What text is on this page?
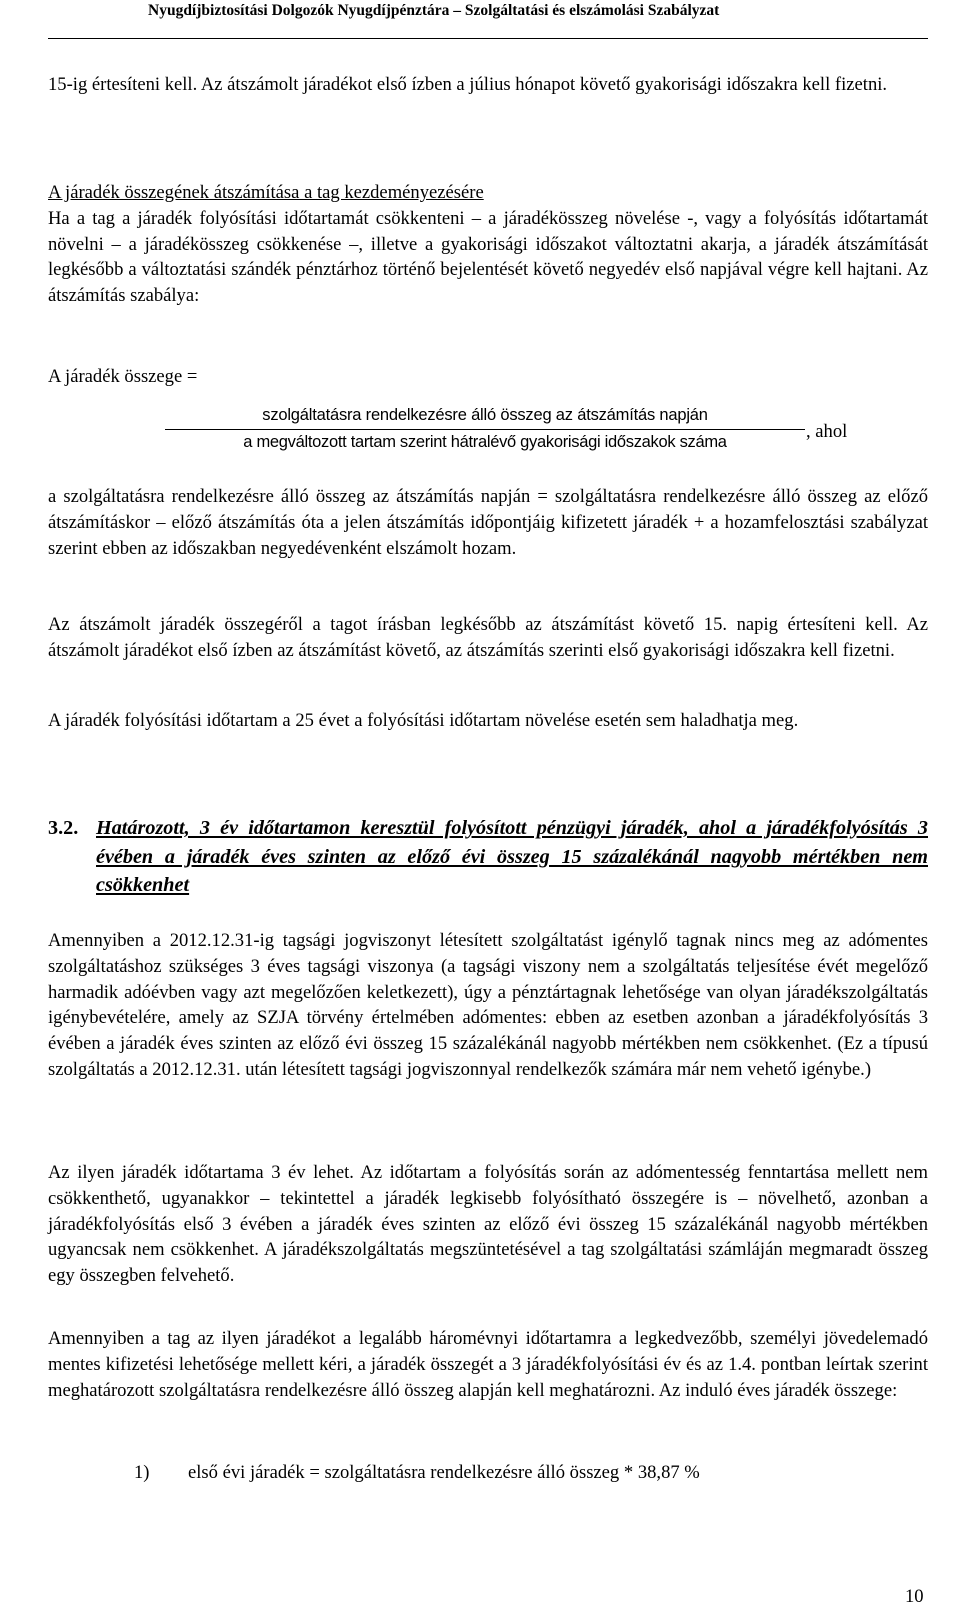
Nyugdíjbiztosítási Dolgozók Nyugdíjpénztára – Szolgáltatási és elszámolási Szabályzat

15-ig értesíteni kell. Az átszámolt járadékot első ízben a július hónapot követő gyakorisági időszakra kell fizetni.

A járadék összegének átszámítása a tag kezdeményezésére
Ha a tag a járadék folyósítási időtartamát csökkenteni – a járadékösszeg növelése -, vagy a folyósítás időtartamát növelni – a járadékösszeg csökkenése –, illetve a gyakorisági időszakot változtatni akarja, a járadék átszámítását legkésőbb a változtatási szándék pénztárhoz történő bejelentését követő negyedév első napjával végre kell hajtani. Az átszámítás szabálya:
A járadék összege =
szolgáltatásra rendelkezésre álló összeg az átszámítás napján
a megváltozott tartam szerint hátralévő gyakorisági időszakok száma	, ahol

a szolgáltatásra rendelkezésre álló összeg az átszámítás napján = szolgáltatásra rendelkezésre álló összeg az előző átszámításkor – előző átszámítás óta a jelen átszámítás időpontjáig kifizetett járadék + a hozamfelosztási szabályzat szerint ebben az időszakban negyedévenként elszámolt hozam.

Az átszámolt járadék összegéről a tagot írásban legkésőbb az átszámítást követő 15. napig értesíteni kell. Az átszámolt járadékot első ízben az átszámítást követő, az átszámítás szerinti első gyakorisági időszakra kell fizetni.

A járadék folyósítási időtartam a 25 évet a folyósítási időtartam növelése esetén sem haladhatja meg.

3.2. Határozott, 3 év időtartamon keresztül folyósított pénzügyi járadék, ahol a járadékfolyósítás 3 évében a járadék éves szinten az előző évi összeg 15 százalékánál nagyobb mértékben nem csökkenhet

Amennyiben a 2012.12.31-ig tagsági jogviszonyt létesített szolgáltatást igénylő tagnak nincs meg az adómentes szolgáltatáshoz szükséges 3 éves tagsági viszonya (a tagsági viszony nem a szolgáltatás teljesítése évét megelőző harmadik adóévben vagy azt megelőzően keletkezett), úgy a pénztártagnak lehetősége van olyan járadékszolgáltatás igénybevételére, amely az SZJA törvény értelmében adómentes: ebben az esetben azonban a járadékfolyósítás 3 évében a járadék éves szinten az előző évi összeg 15 százalékánál nagyobb mértékben nem csökkenhet. (Ez a típusú szolgáltatás a 2012.12.31. után létesített tagsági jogviszonnyal rendelkezők számára már nem vehető igénybe.)

Az ilyen járadék időtartama 3 év lehet. Az időtartam a folyósítás során az adómentesség fenntartása mellett nem csökkenthető, ugyanakkor – tekintettel a járadék legkisebb folyósítható összegére is – növelhető, azonban a járadékfolyósítás első 3 évében a járadék éves szinten az előző évi összeg 15 százalékánál nagyobb mértékben ugyancsak nem csökkenhet. A járadékszolgáltatás megszüntetésével a tag szolgáltatási számláján megmaradt összeg egy összegben felvehető.

Amennyiben a tag az ilyen járadékot a legalább háromévnyi időtartamra a legkedvezőbb, személyi jövedelemadó mentes kifizetési lehetősége mellett kéri, a járadék összegét a 3 járadékfolyósítási év és az 1.4. pontban leírtak szerint meghatározott szolgáltatásra rendelkezésre álló összeg alapján kell meghatározni. Az induló éves járadék összege:

1) első évi járadék = szolgáltatásra rendelkezésre álló összeg * 38,87 %
10
